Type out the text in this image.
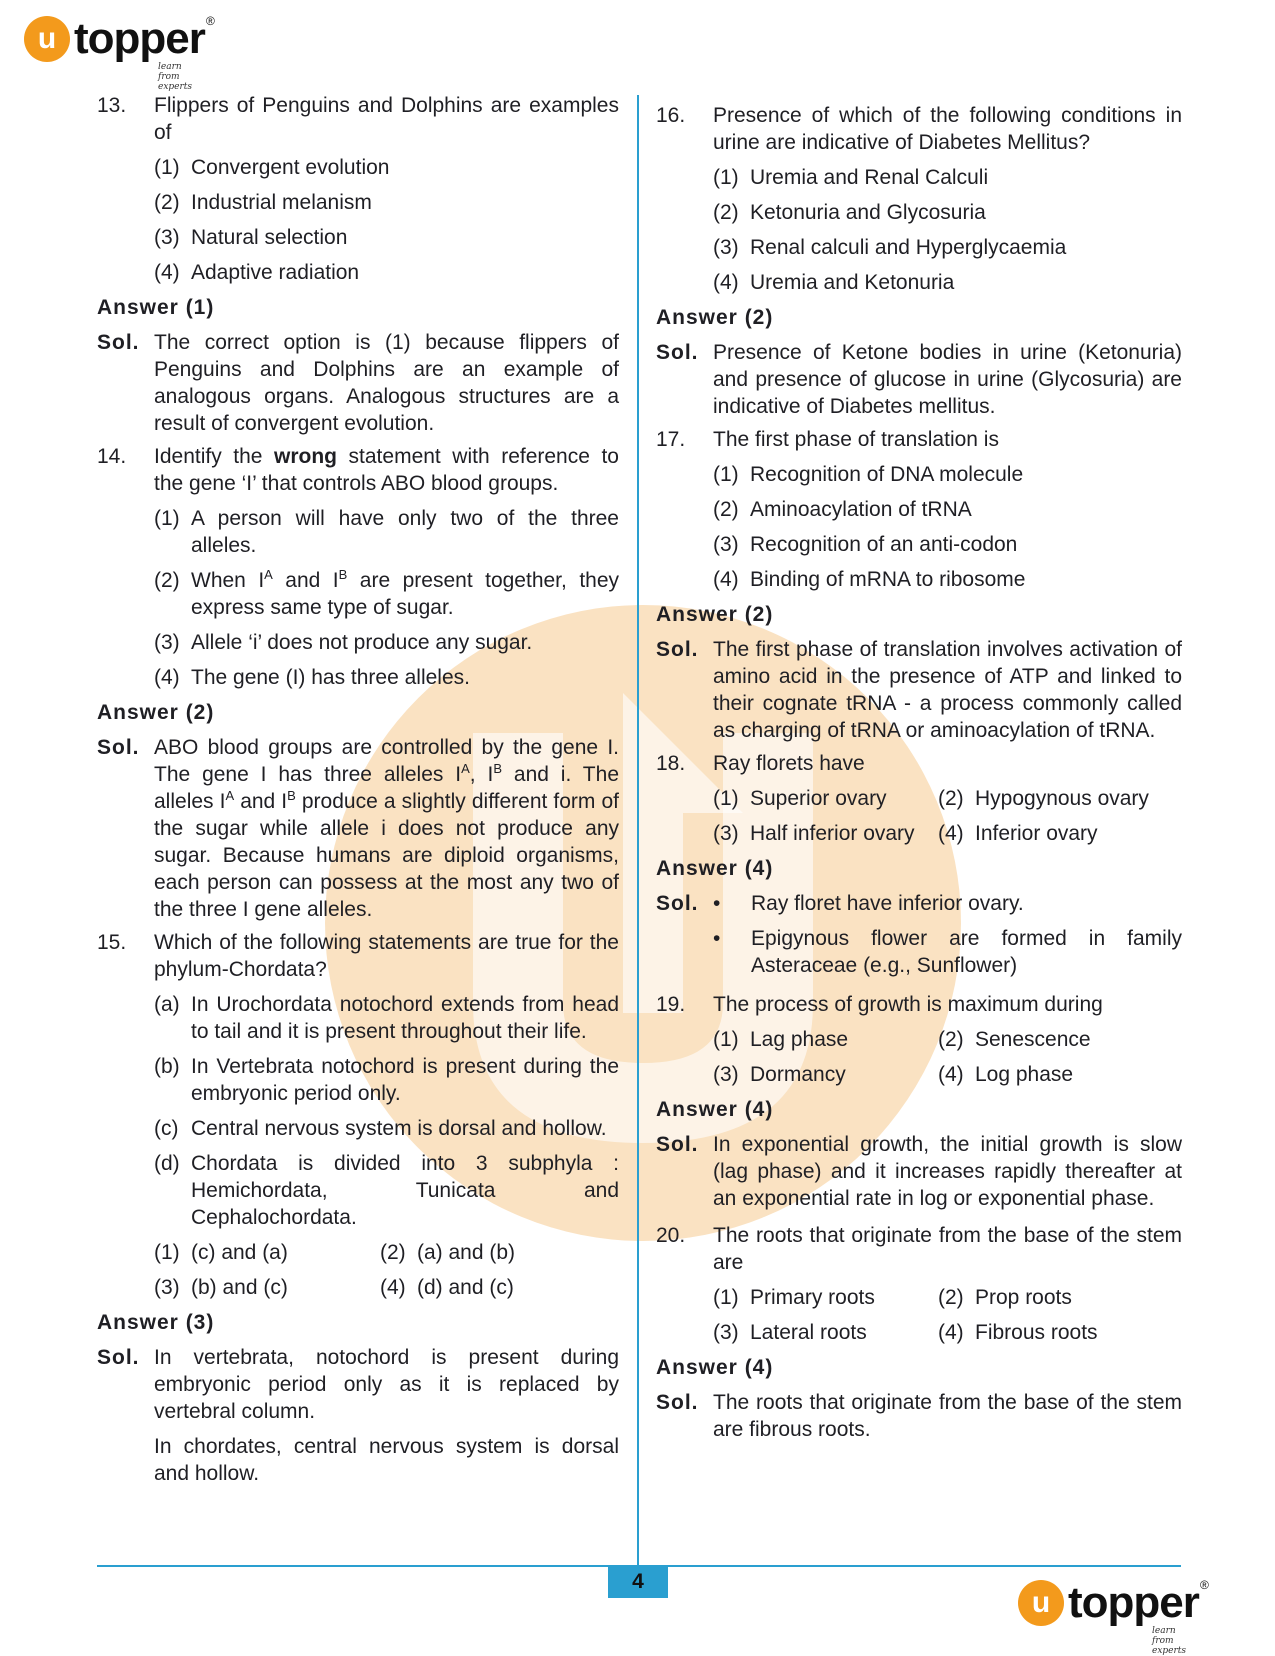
u topper ®
learn from experts
u topper ®
learn from experts
4
13.	Flippers of Penguins and Dolphins are examples of
(1) Convergent evolution
(2) Industrial melanism
(3) Natural selection
(4) Adaptive radiation
Answer (1)
Sol. The correct option is (1) because flippers of Penguins and Dolphins are an example of analogous organs. Analogous structures are a result of convergent evolution.
14.	Identify the wrong statement with reference to the gene ‘I’ that controls ABO blood groups.
(1) A person will have only two of the three alleles.
(2) When $I^A$ and $I^B$ are present together, they express same type of sugar.
(3) Allele ‘i’ does not produce any sugar.
(4) The gene (I) has three alleles.
Answer (2)
Sol. ABO blood groups are controlled by the gene I. The gene I has three alleles $I^A$, $I^B$ and i. The alleles $I^A$ and $I^B$ produce a slightly different form of the sugar while allele i does not produce any sugar. Because humans are diploid organisms, each person can possess at the most any two of the three I gene alleles.
15.	Which of the following statements are true for the phylum-Chordata?
(a) In Urochordata notochord extends from head to tail and it is present throughout their life.
(b) In Vertebrata notochord is present during the embryonic period only.
(c) Central nervous system is dorsal and hollow.
(d) Chordata is divided into 3 subphyla : Hemichordata, Tunicata and Cephalochordata.
(1) (c) and (a)	(2) (a) and (b)
(3) (b) and (c)	(4) (d) and (c)
Answer (3)
Sol. In vertebrata, notochord is present during embryonic period only as it is replaced by vertebral column.
In chordates, central nervous system is dorsal and hollow.
16.	Presence of which of the following conditions in urine are indicative of Diabetes Mellitus?
(1) Uremia and Renal Calculi
(2) Ketonuria and Glycosuria
(3) Renal calculi and Hyperglycaemia
(4) Uremia and Ketonuria
Answer (2)
Sol. Presence of Ketone bodies in urine (Ketonuria) and presence of glucose in urine (Glycosuria) are indicative of Diabetes mellitus.
17.	The first phase of translation is
(1) Recognition of DNA molecule
(2) Aminoacylation of tRNA
(3) Recognition of an anti-codon
(4) Binding of mRNA to ribosome
Answer (2)
Sol. The first phase of translation involves activation of amino acid in the presence of ATP and linked to their cognate tRNA - a process commonly called as charging of tRNA or aminoacylation of tRNA.
18.	Ray florets have
(1) Superior ovary (2) Hypogynous ovary
(3) Half inferior ovary (4) Inferior ovary
Answer (4)
Sol. •	Ray floret have inferior ovary.
•	Epigynous flower are formed in family Asteraceae (e.g., Sunflower)
19.	The process of growth is maximum during
(1) Lag phase	(2) Senescence
(3) Dormancy	(4) Log phase
Answer (4)
Sol. In exponential growth, the initial growth is slow (lag phase) and it increases rapidly thereafter at an exponential rate in log or exponential phase.
20.	The roots that originate from the base of the stem are
(1) Primary roots	(2) Prop roots
(3) Lateral roots	(4) Fibrous roots
Answer (4)
Sol. The roots that originate from the base of the stem are fibrous roots.
